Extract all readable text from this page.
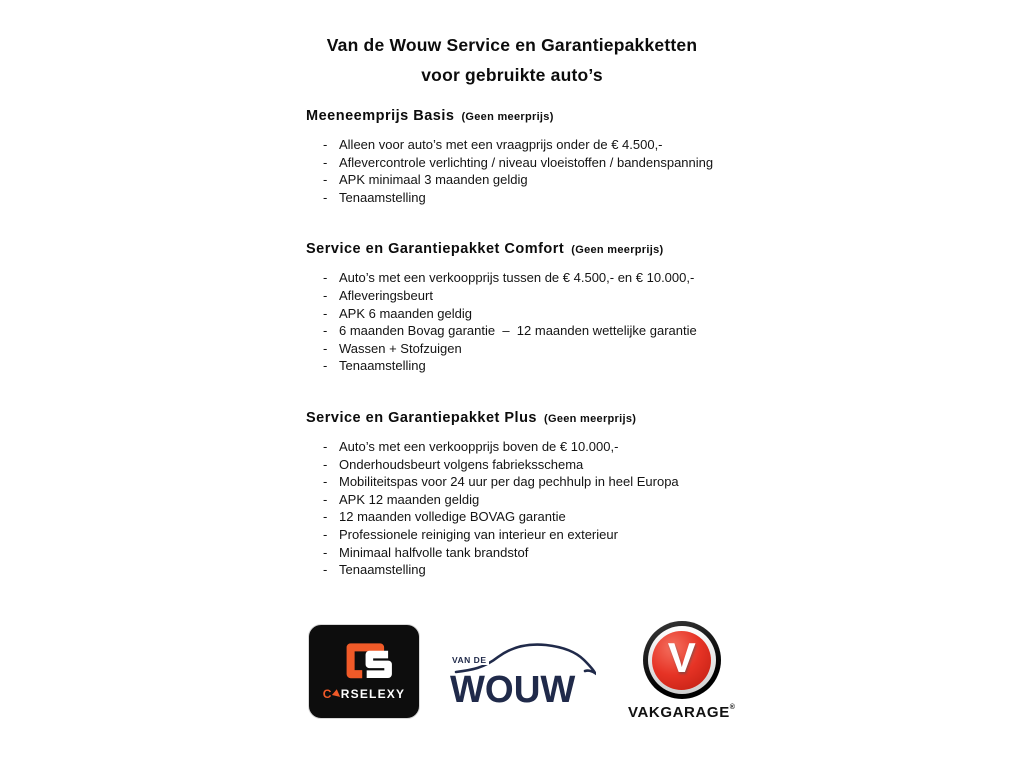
Van de Wouw Service en Garantiepakketten
voor gebruikte auto’s
Meeneemprijs Basis (Geen meerprijs)
- Alleen voor auto’s met een vraagprijs onder de € 4.500,-
- Aflevercontrole verlichting / niveau vloeistoffen / bandenspanning
- APK minimaal 3 maanden geldig
- Tenaamstelling
Service en Garantiepakket Comfort (Geen meerprijs)
- Auto’s met een verkoopprijs tussen de € 4.500,- en € 10.000,-
- Afleveringsbeurt
- APK 6 maanden geldig
- 6 maanden Bovag garantie  –  12 maanden wettelijke garantie
- Wassen + Stofzuigen
- Tenaamstelling
Service en Garantiepakket Plus (Geen meerprijs)
- Auto’s met een verkoopprijs boven de € 10.000,-
- Onderhoudsbeurt volgens fabrieksschema
- Mobiliteitspas voor 24 uur per dag pechhulp in heel Europa
- APK 12 maanden geldig
- 12 maanden volledige BOVAG garantie
- Professionele reiniging van interieur en exterieur
- Minimaal halfvolle tank brandstof
- Tenaamstelling
C▶RSELEXY
VAN DE
WOUW
V
VAKGARAGE®
